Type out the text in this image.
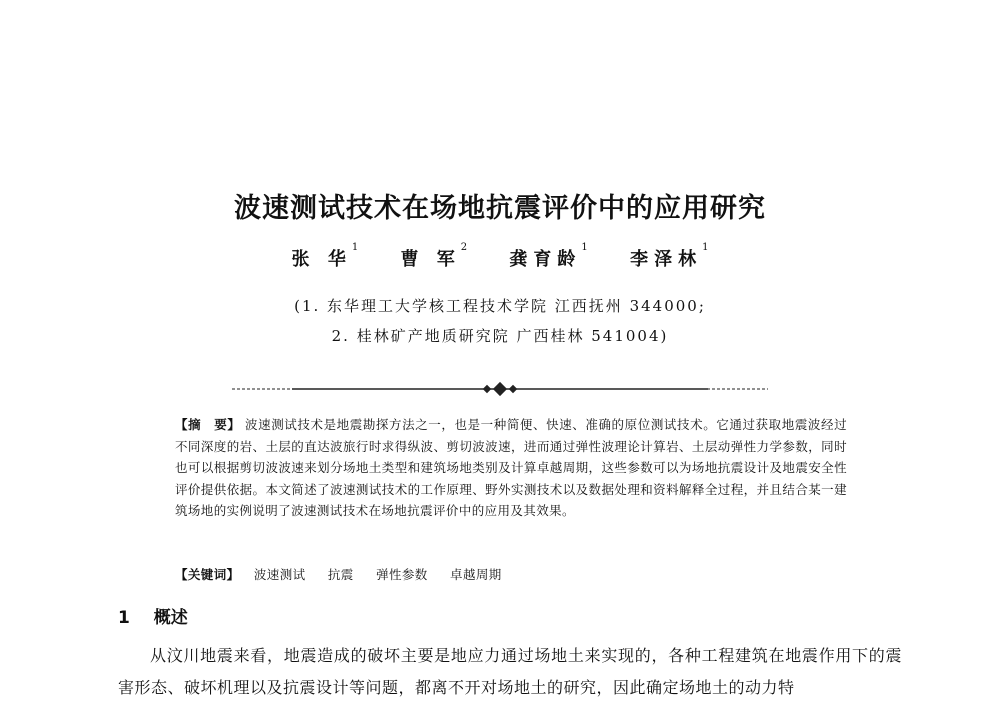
波速测试技术在场地抗震评价中的应用研究
张 华$^1$ 曹 军$^2$ 龚育龄$^1$ 李泽林$^1$
(1. 东华理工大学核工程技术学院 江西抚州 344000;
2. 桂林矿产地质研究院 广西桂林 541004)
【摘　要】 波速测试技术是地震勘探方法之一，也是一种简便、快速、准确的原位测试技术。它通过获取地震波经过不同深度的岩、土层的直达波旅行时求得纵波、剪切波波速，进而通过弹性波理论计算岩、土层动弹性力学参数，同时也可以根据剪切波波速来划分场地土类型和建筑场地类别及计算卓越周期，这些参数可以为场地抗震设计及地震安全性评价提供依据。本文简述了波速测试技术的工作原理、野外实测技术以及数据处理和资料解释全过程，并且结合某一建筑场地的实例说明了波速测试技术在场地抗震评价中的应用及其效果。
【关键词】 波速测试 抗震 弹性参数 卓越周期
1 概述
从汶川地震来看，地震造成的破坏主要是地应力通过场地土来实现的，各种工程建筑在地震作用下的震害形态、破坏机理以及抗震设计等问题，都离不开对场地土的研究，因此确定场地土的动力特
